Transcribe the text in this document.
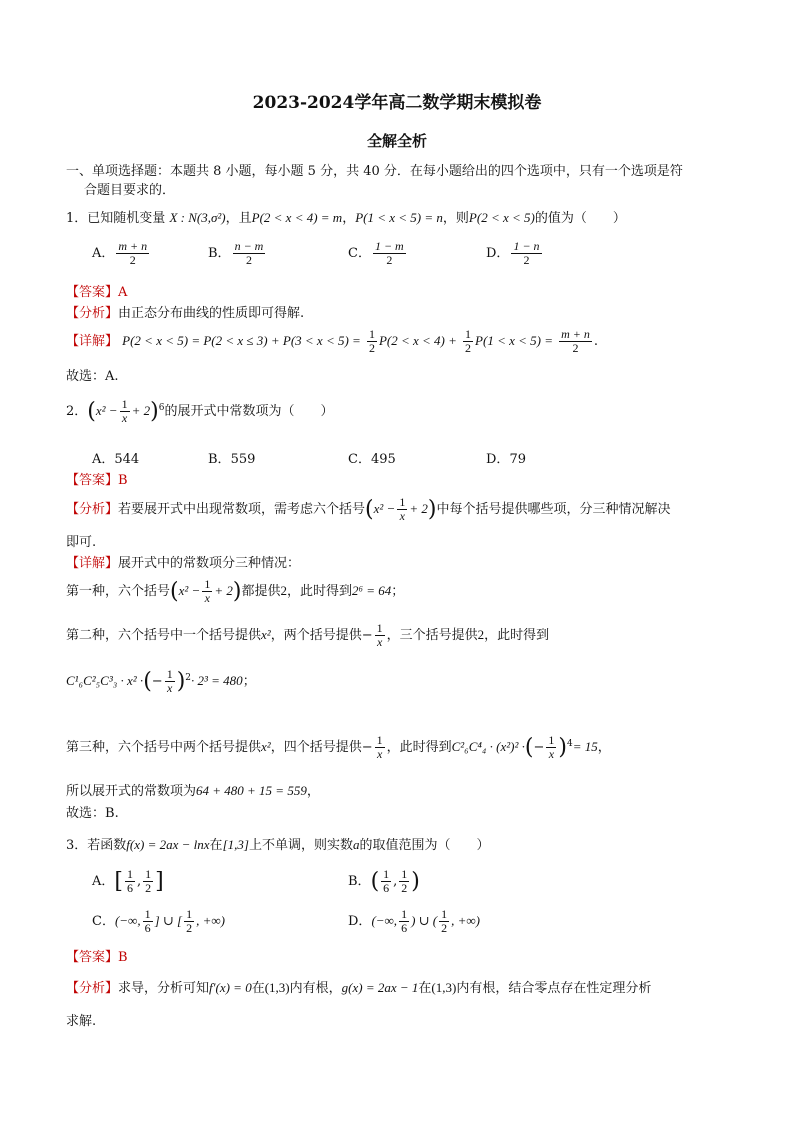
2023-2024学年高二数学期末模拟卷
全解全析
一、单项选择题：本题共 8 小题，每小题 5 分，共 40 分．在每小题给出的四个选项中，只有一个选项是符
合题目要求的．
1．已知随机变量 X : N(3,σ²)，且P(2 < x < 4) = m，P(1 < x < 5) = n，则P(2 < x < 5)的值为（　　）
A． $\frac{m + n}{2}$	B． $\frac{n - m}{2}$	C． $\frac{1 - m}{2}$	D． $\frac{1 - n}{2}$
【答案】A
【分析】由正态分布曲线的性质即可得解.
【详解】 $P(2 < x < 5) = P(2 < x \le 3) + P(3 < x < 5) = \frac{1}{2} P(2 < x < 4) + \frac{1}{2} P(1 < x < 5) = \frac{m + n}{2}$ .
故选：A.
2．$(x^2 - \frac{1}{x} + 2)^6$的展开式中常数项为（　　）
A．544	B．559	C．495	D．79
【答案】B
【分析】若要展开式中出现常数项，需考虑六个括号$(x^2 - \frac{1}{x} + 2)$中每个括号提供哪些项，分三种情况解决
即可.
【详解】展开式中的常数项分三种情况：
第一种，六个括号$(x^2 - \frac{1}{x} + 2)$都提供2，此时得到2⁶ = 64；
第二种，六个括号中一个括号提供x²，两个括号提供− $\frac{1}{x}$ ，三个括号提供2，此时得到
C¹₆C²₅C³₃ · x² ·(− $\frac{1}{x} )^2\cdot 2^3 = 480$；
第三种，六个括号中两个括号提供x²，四个括号提供− $\frac{1}{x}$ ，此时得到C²₆C⁴₄ · (x²)² ·(− $\frac{1}{x} )^4= 15$，
所以展开式的常数项为64 + 480 + 15 = 559，
故选：B.
3．若函数f(x) = 2ax − lnx在[1,3]上不单调，则实数a的取值范围为（　　）
A．[ $\frac{1}{6}$ , $\frac{1}{2}$ ]	B．( $\frac{1}{6}$ , $\frac{1}{2}$ )
C．(−∞, $\frac{1}{6}$ ] ∪ [ $\frac{1}{2}$ , +∞)	D．(−∞, $\frac{1}{6}$ ) ∪ ( $\frac{1}{2}$ , +∞)
【答案】B
【分析】求导，分析可知f′(x) = 0在(1,3)内有根，g(x) = 2ax − 1在(1,3)内有根，结合零点存在性定理分析
求解.
